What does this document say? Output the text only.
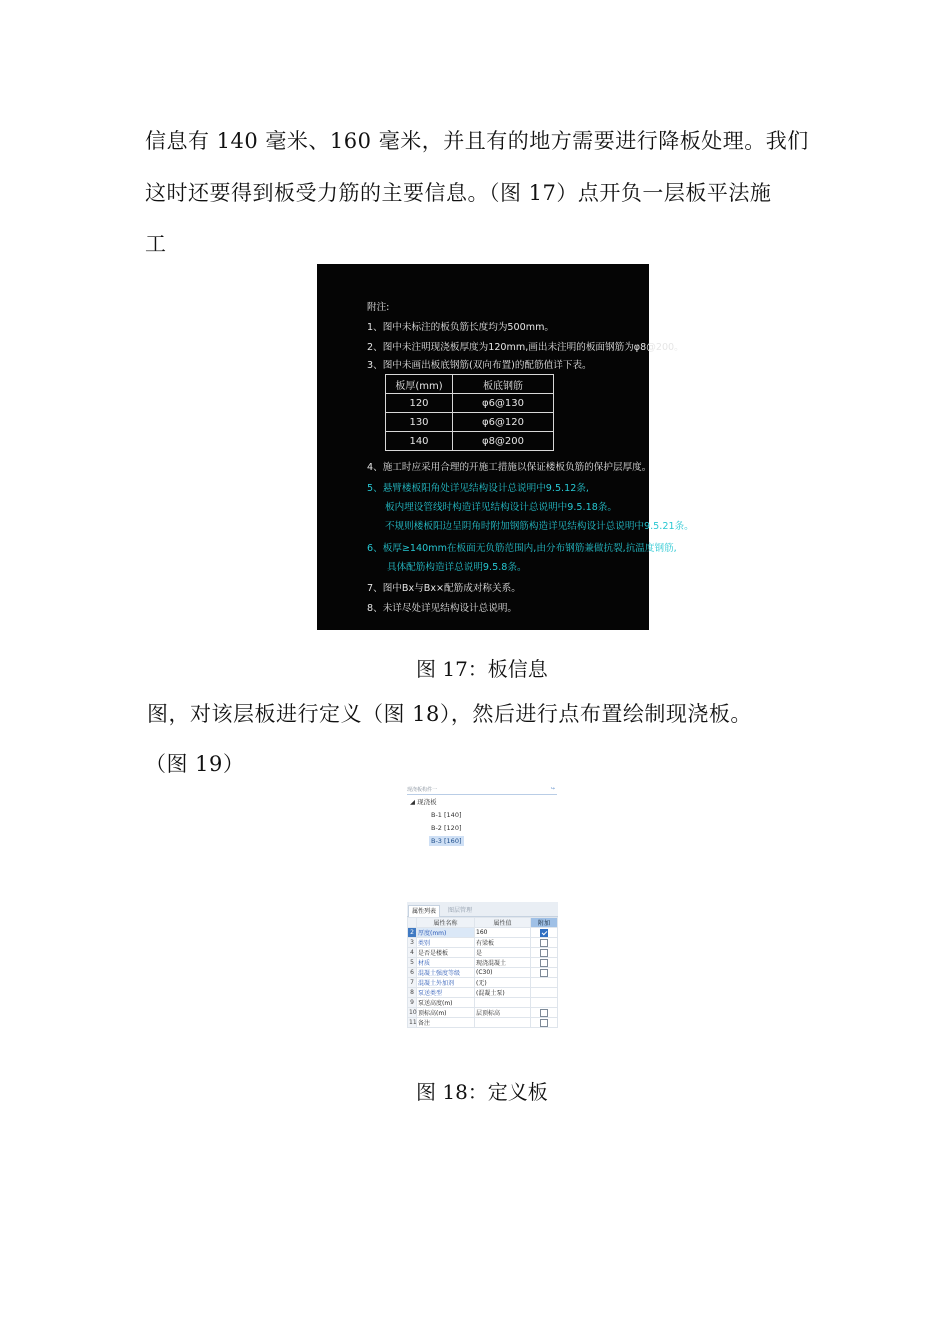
信息有 140 毫米、160 毫米，并且有的地方需要进行降板处理。我们
这时还要得到板受力筋的主要信息。（图 17）点开负一层板平法施
工
附注:
1、图中未标注的板负筋长度均为500mm。
2、图中未注明现浇板厚度为120mm,画出未注明的板面钢筋为φ8@200。
3、图中未画出板底钢筋(双向布置)的配筋值详下表。
板厚(mm)	板底钢筋
120	φ6@130
130	φ6@120
140	φ8@200
4、施工时应采用合理的开施工措施以保证楼板负筋的保护层厚度。
5、悬臂楼板阳角处详见结构设计总说明中9.5.12条,
板内埋设管线时构造详见结构设计总说明中9.5.18条。
不规则楼板阳边呈阴角时附加钢筋构造详见结构设计总说明中9.5.21条。
6、板厚≥140mm在板面无负筋范围内,由分布钢筋兼做抗裂,抗温度钢筋,
具体配筋构造详总说明9.5.8条。
7、图中Bx与Bx×配筋成对称关系。
8、未详尽处详见结构设计总说明。
图 17：板信息
图，对该层板进行定义（图 18），然后进行点布置绘制现浇板。
（图 19）
现浇板构件一	↪
◢ 现浇板
B-1 [140]
B-2 [120]
B-3 [160]
属性列表	图层管理
	属性名称	属性值	附加
2	厚度(mm)	160	
3	类别	有梁板	
4	是否是楼板	是	
5	材质	现浇混凝土	
6	混凝土强度等级	(C30)	
7	混凝土外加剂	(无)	
8	泵送类型	(混凝土泵)	
9	泵送高度(m)		
10	顶标高(m)	层顶标高	
11	备注		
图 18：定义板
